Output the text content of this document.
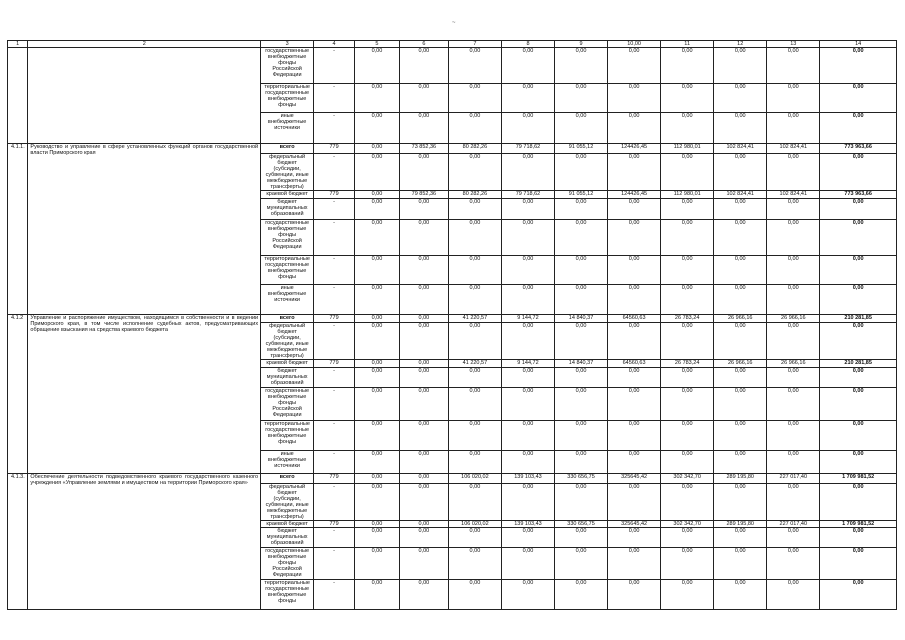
~
1	2	3	4	5	6	7	8	9	10,00	11	12	13	14
		государственные внебюджетные фонды Российской Федерации	-	0,00	0,00	0,00	0,00	0,00	0,00	0,00	0,00	0,00	0,00
		территориальные государственные внебюджетные фонды	-	0,00	0,00	0,00	0,00	0,00	0,00	0,00	0,00	0,00	0,00
		иные внебюджетные источники	-	0,00	0,00	0,00	0,00	0,00	0,00	0,00	0,00	0,00	0,00
4.1.1.	Руководство и управление в сфере установленных функций органов государственной власти Приморского края	всего	779	0,00	73 852,36	80 282,26	79 718,62	91 055,12	124426,45	112 980,01	102 824,41	102 824,41	773 963,66
		федеральный бюджет (субсидии, субвенции, иные межбюджетные трансферты)	-	0,00	0,00	0,00	0,00	0,00	0,00	0,00	0,00	0,00	0,00
		краевой бюджет	779	0,00	79 852,36	80 282,26	79 718,62	91 055,12	124426,45	112 980,01	102 824,41	102 824,41	773 963,66
		бюджет муниципальных образований	-	0,00	0,00	0,00	0,00	0,00	0,00	0,00	0,00	0,00	0,00
		государственные внебюджетные фонды Российской Федерации	-	0,00	0,00	0,00	0,00	0,00	0,00	0,00	0,00	0,00	0,00
		территориальные государственные внебюджетные фонды	-	0,00	0,00	0,00	0,00	0,00	0,00	0,00	0,00	0,00	0,00
		иные внебюджетные источники	-	0,00	0,00	0,00	0,00	0,00	0,00	0,00	0,00	0,00	0,00
4.1.2	Управление и распоряжение имуществом, находящимся в собственности и в ведении Приморского края, в том числе исполнение судебных актов, предусматривающих обращение взыскания на средства краевого бюджета	всего	779	0,00	0,00	41 220,57	9 144,72	14 840,37	64560,63	26 783,24	26 966,16	26 966,16	210 281,85
		федеральный бюджет (субсидии, субвенции, иные межбюджетные трансферты)	-	0,00	0,00	0,00	0,00	0,00	0,00	0,00	0,00	0,00	0,00
		краевой бюджет	779	0,00	0,00	41 220,57	9 144,72	14 840,37	64560,63	26 783,24	26 966,16	26 966,16	210 281,85
		бюджет муниципальных образований	-	0,00	0,00	0,00	0,00	0,00	0,00	0,00	0,00	0,00	0,00
		государственные внебюджетные фонды Российской Федерации	-	0,00	0,00	0,00	0,00	0,00	0,00	0,00	0,00	0,00	0,00
		территориальные государственные внебюджетные фонды	-	0,00	0,00	0,00	0,00	0,00	0,00	0,00	0,00	0,00	0,00
		иные внебюджетные источники	-	0,00	0,00	0,00	0,00	0,00	0,00	0,00	0,00	0,00	0,00
4.1.3.	Обеспечение деятельности подведомственного краевого государственного казенного учреждения «Управление землями и имуществом на территории Приморского края»	всего	779	0,00	0,00	106 020,02	139 103,43	330 656,75	325645,42	302 342,70	289 195,80	227 017,40	1 709 981,52
		федеральный бюджет (субсидии, субвенции, иные межбюджетные трансферты)	-	0,00	0,00	0,00	0,00	0,00	0,00	0,00	0,00	0,00	0,00
		краевой бюджет	779	0,00	0,00	106 020,02	139 103,43	330 656,75	325645,42	302 342,70	289 195,80	227 017,40	1 709 981,52
		бюджет муниципальных образований	-	0,00	0,00	0,00	0,00	0,00	0,00	0,00	0,00	0,00	0,00
		государственные внебюджетные фонды Российской Федерации	-	0,00	0,00	0,00	0,00	0,00	0,00	0,00	0,00	0,00	0,00
		территориальные государственные внебюджетные фонды	-	0,00	0,00	0,00	0,00	0,00	0,00	0,00	0,00	0,00	0,00
